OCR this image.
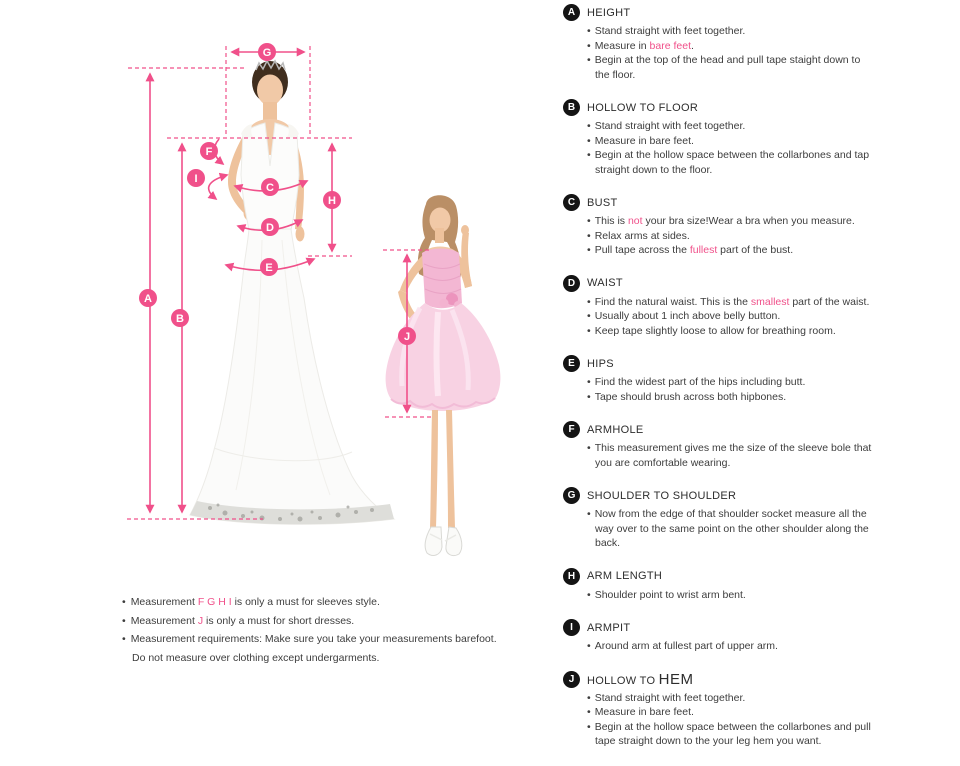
A
B
C
D
E
F
G
H
I
J
• Measurement F G H I is only a must for sleeves style.
• Measurement J is only a must for short dresses.
• Measurement requirements: Make sure you take your measurements barefoot.
Do not measure over clothing except undergarments.
A	HEIGHT
• Stand straight with feet together.
• Measure in bare feet.
• Begin at the top of the head and pull tape staight down to
the floor.
B	HOLLOW TO FLOOR
• Stand straight with feet together.
• Measure in bare feet.
• Begin at the hollow space between the collarbones and tap
straight down to the floor.
C	BUST
• This is not your bra size!Wear a bra when you measure.
• Relax arms at sides.
• Pull tape across the fullest part of the bust.
D	WAIST
• Find the natural waist. This is the smallest part of the waist.
• Usually about 1 inch above belly button.
• Keep tape slightly loose to allow for breathing room.
E	HIPS
• Find the widest part of the hips including butt.
• Tape should brush across both hipbones.
F	ARMHOLE
• This measurement gives me the size of the sleeve bole that
you are comfortable wearing.
G	SHOULDER TO SHOULDER
• Now from the edge of that shoulder socket measure all the
way over to the same point on the other shoulder along the
back.
H	ARM LENGTH
• Shoulder point to wrist arm bent.
I	ARMPIT
• Around arm at fullest part of upper arm.
J	HOLLOW TO HEM
• Stand straight with feet together.
• Measure in bare feet.
• Begin at the hollow space between the collarbones and pull
tape straight down to the your leg hem you want.
